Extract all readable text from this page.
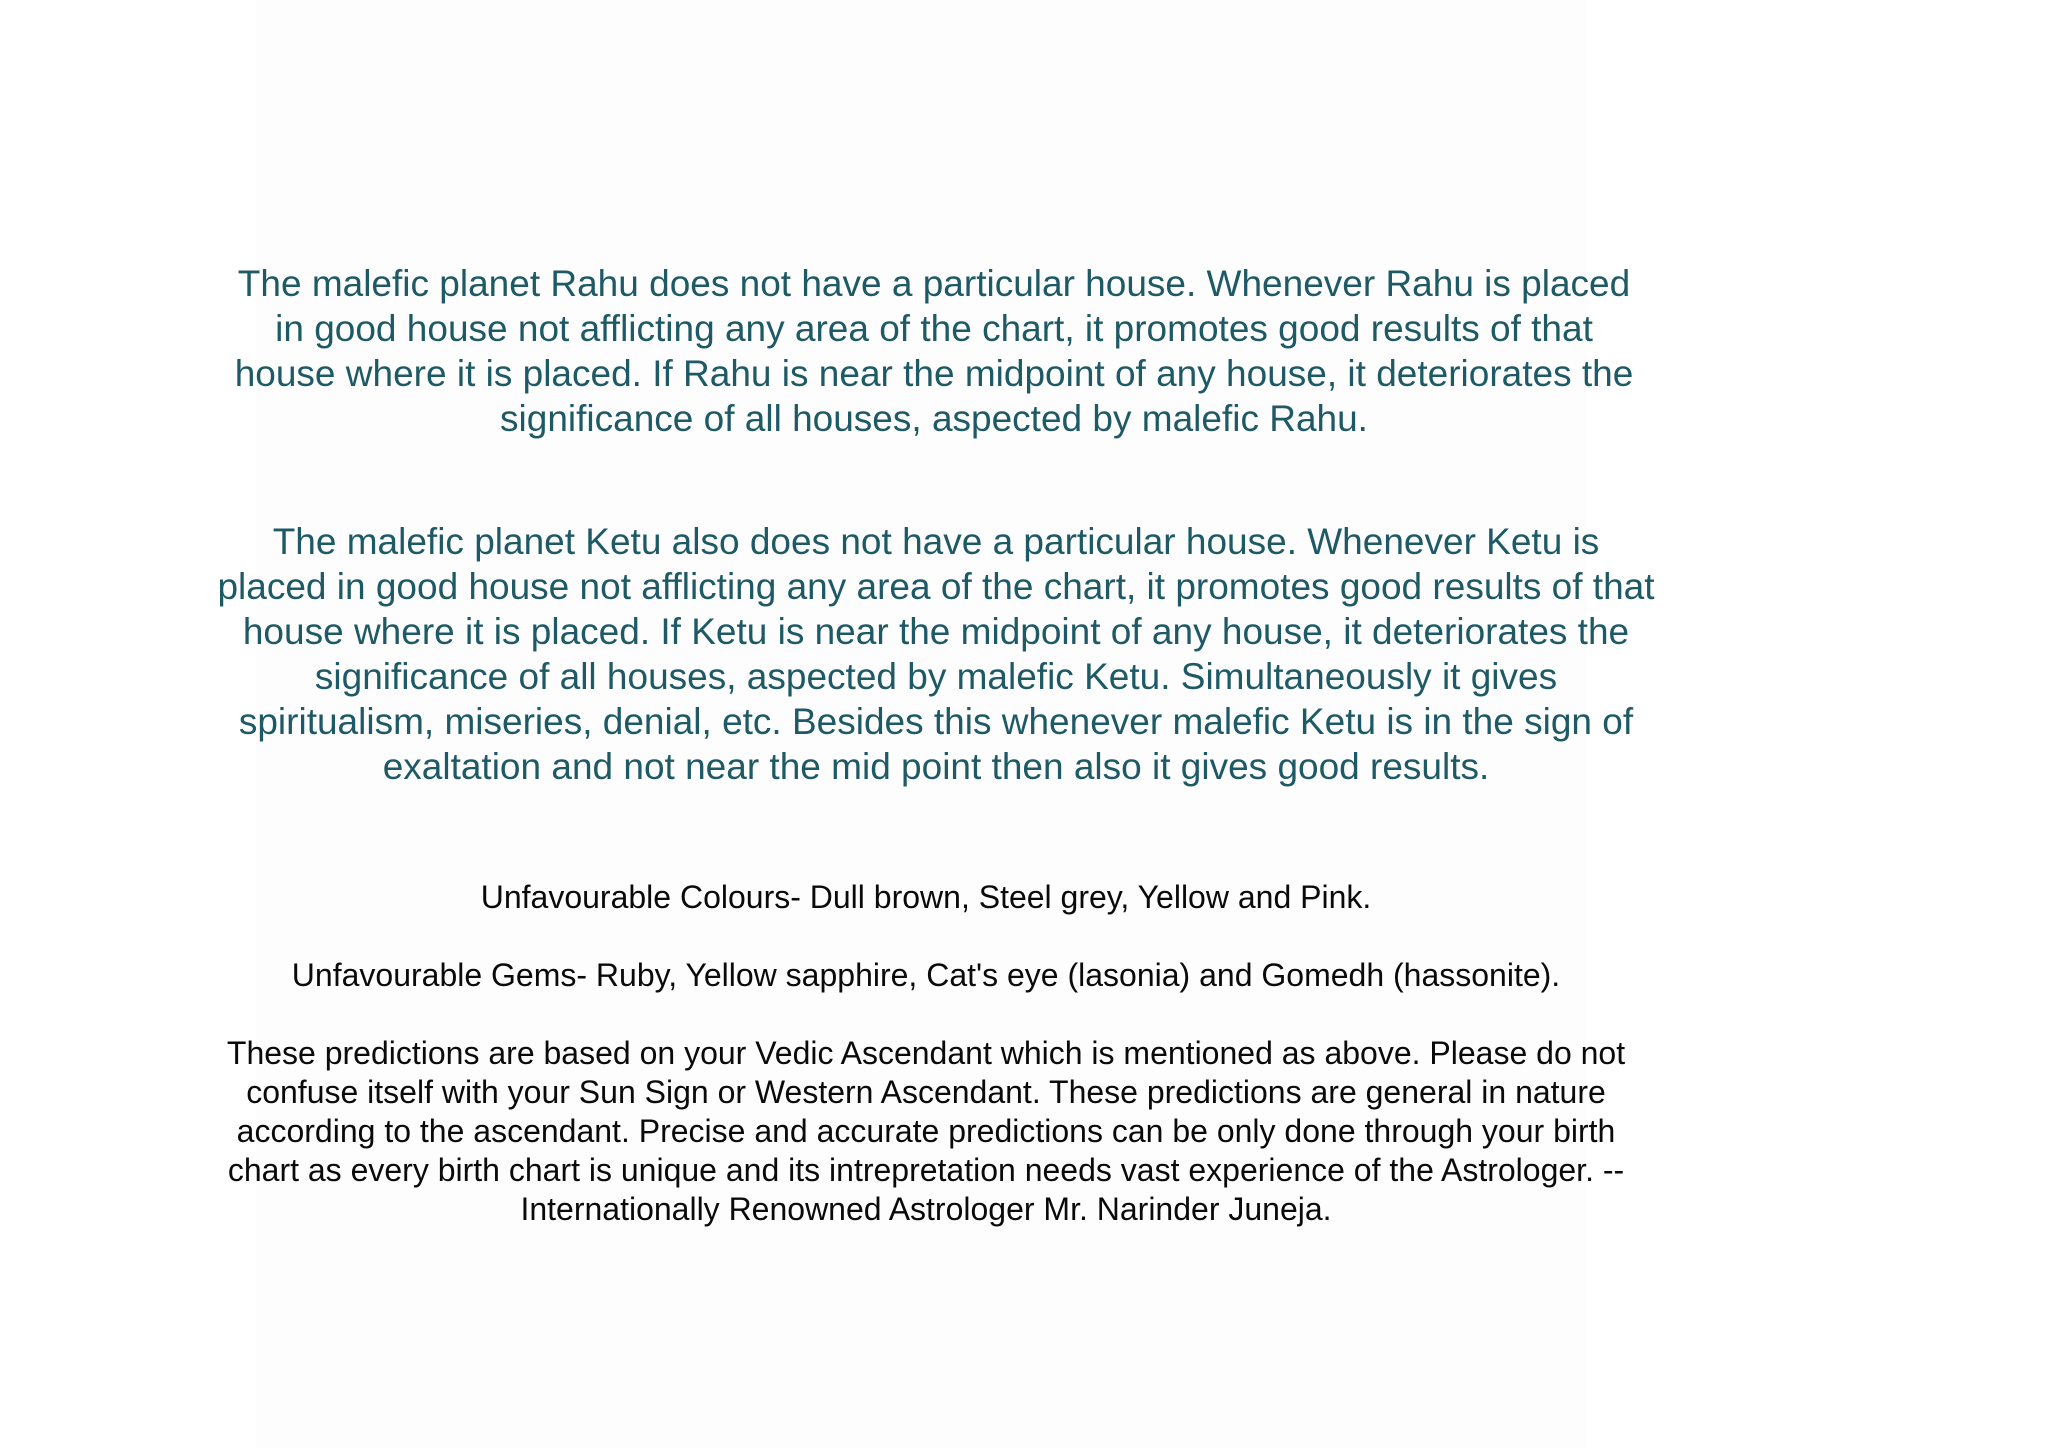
The malefic planet Rahu does not have a particular house. Whenever Rahu is placed in good house not afflicting any area of the chart, it promotes good results of that house where it is placed. If Rahu is near the midpoint of any house, it deteriorates the significance of all houses, aspected by malefic Rahu.

The malefic planet Ketu also does not have a particular house. Whenever Ketu is placed in good house not afflicting any area of the chart, it promotes good results of that house where it is placed. If Ketu is near the midpoint of any house, it deteriorates the significance of all houses, aspected by malefic Ketu. Simultaneously it gives spiritualism, miseries, denial, etc. Besides this whenever malefic Ketu is in the sign of exaltation and not near the mid point then also it gives good results.

Unfavourable Colours- Dull brown, Steel grey, Yellow and Pink.

Unfavourable Gems- Ruby, Yellow sapphire, Cat's eye (lasonia) and Gomedh (hassonite).

These predictions are based on your Vedic Ascendant which is mentioned as above. Please do not confuse itself with your Sun Sign or Western Ascendant. These predictions are general in nature according to the ascendant. Precise and accurate predictions can be only done through your birth chart as every birth chart is unique and its intrepretation needs vast experience of the Astrologer. -- Internationally Renowned Astrologer Mr. Narinder Juneja.
